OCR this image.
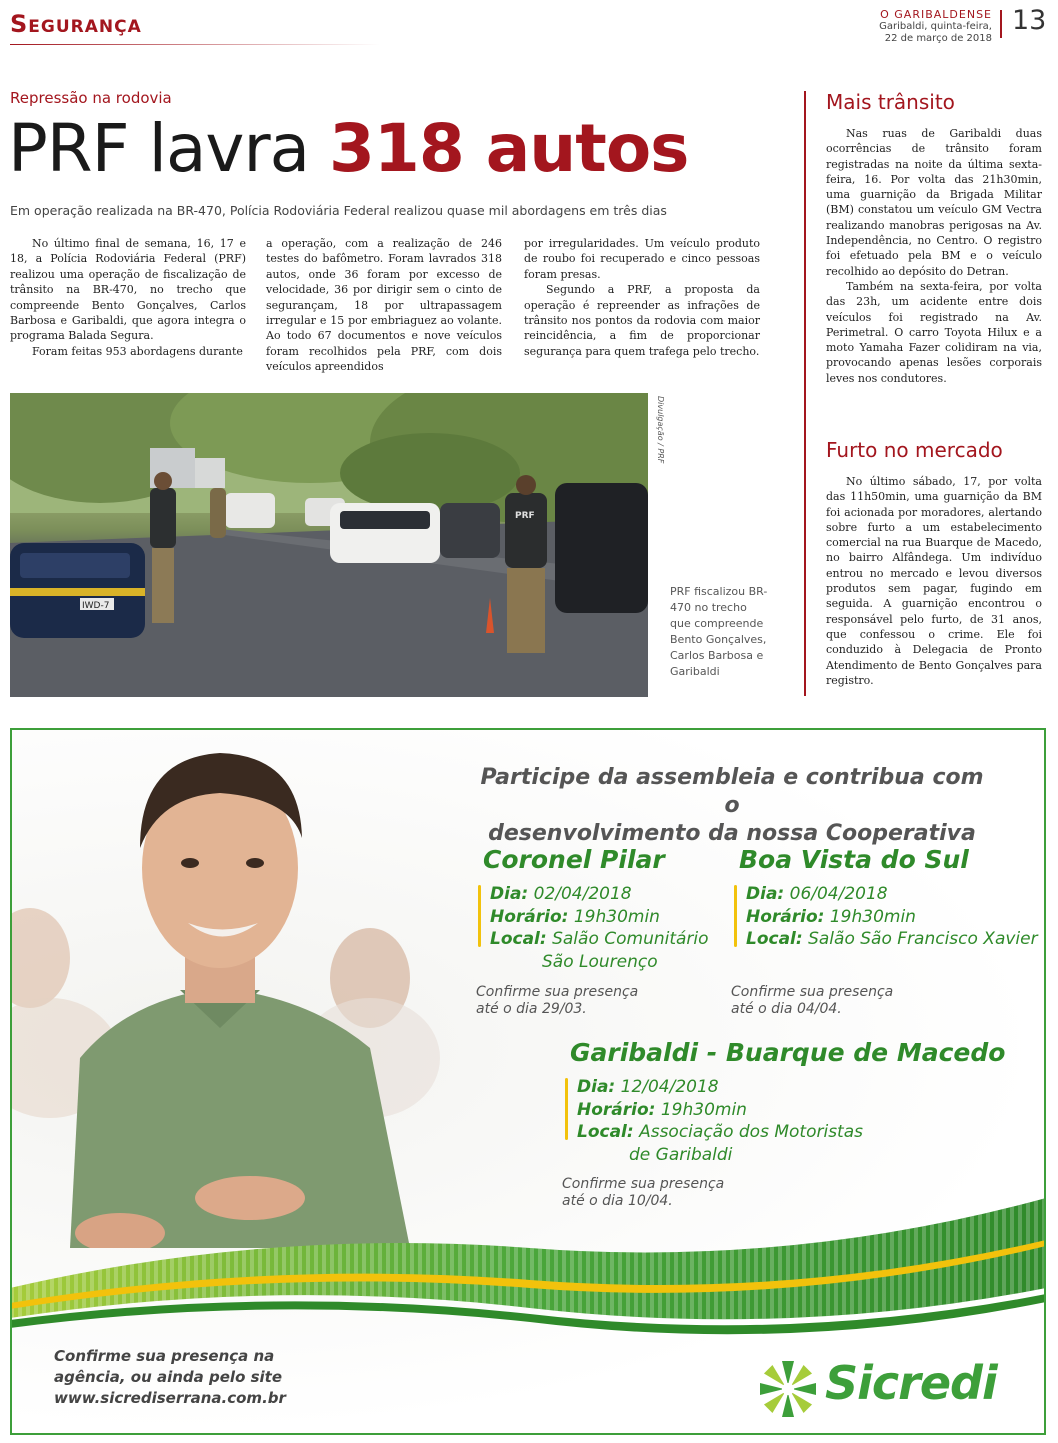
Segurança	O GARIBALDENSE
Garibaldi, quinta-feira,
22 de março de 2018
13
Repressão na rodovia
PRF lavra 318 autos
Em operação realizada na BR-470, Polícia Rodoviária Federal realizou quase mil abordagens em três dias

No último final de semana, 16, 17 e 18, a Polícia Rodoviária Federal (PRF) realizou uma operação de fiscalização de trânsito na BR-470, no trecho que compreende Bento Gonçalves, Carlos Barbosa e Garibaldi, que agora integra o programa Balada Segura.

Foram feitas 953 abordagens durante

a operação, com a realização de 246 testes do bafômetro. Foram lavrados 318 autos, onde 36 foram por excesso de velocidade, 36 por dirigir sem o cinto de segurançam, 18 por ultrapassagem irregular e 15 por embriaguez ao volante. Ao todo 67 documentos e nove veículos foram recolhidos pela PRF, com dois veículos apreendidos

por irregularidades. Um veículo produto de roubo foi recuperado e cinco pessoas foram presas.

Segundo a PRF, a proposta da operação é repreender as infrações de trânsito nos pontos da rodovia com maior reincidência, a fim de proporcionar segurança para quem trafega pelo trecho.

IWD-7
PRF
Divulgação / PRF
PRF fiscalizou BR-470 no trecho que compreende Bento Gonçalves, Carlos Barbosa e Garibaldi
Mais trânsito

Nas ruas de Garibaldi duas ocorrências de trânsito foram registradas na noite da última sexta-feira, 16. Por volta das 21h30min, uma guarnição da Brigada Militar (BM) constatou um veículo GM Vectra realizando manobras perigosas na Av. Independência, no Centro. O registro foi efetuado pela BM e o veículo recolhido ao depósito do Detran.

Também na sexta-feira, por volta das 23h, um acidente entre dois veículos foi registrado na Av. Perimetral. O carro Toyota Hilux e a moto Yamaha Fazer colidiram na via, provocando apenas lesões corporais leves nos condutores.

Furto no mercado

No último sábado, 17, por volta das 11h50min, uma guarnição da BM foi acionada por moradores, alertando sobre furto a um estabelecimento comercial na rua Buarque de Macedo, no bairro Alfândega. Um indivíduo entrou no mercado e levou diversos produtos sem pagar, fugindo em seguida. A guarnição encontrou o responsável pelo furto, de 31 anos, que confessou o crime. Ele foi conduzido à Delegacia de Pronto Atendimento de Bento Gonçalves para registro.

Participe da assembleia e contribua com o
desenvolvimento da nossa Cooperativa
Coronel Pilar
Dia: 02/04/2018
Horário: 19h30min
Local: Salão Comunitário
São Lourenço
Confirme sua presença
até o dia 29/03.
Boa Vista do Sul
Dia: 06/04/2018
Horário: 19h30min
Local: Salão São Francisco Xavier
Confirme sua presença
até o dia 04/04.
Garibaldi - Buarque de Macedo
Dia: 12/04/2018
Horário: 19h30min
Local: Associação dos Motoristas
de Garibaldi
Confirme sua presença
até o dia 10/04.
Confirme sua presença na
agência, ou ainda pelo site
www.sicrediserrana.com.br	Sicredi
